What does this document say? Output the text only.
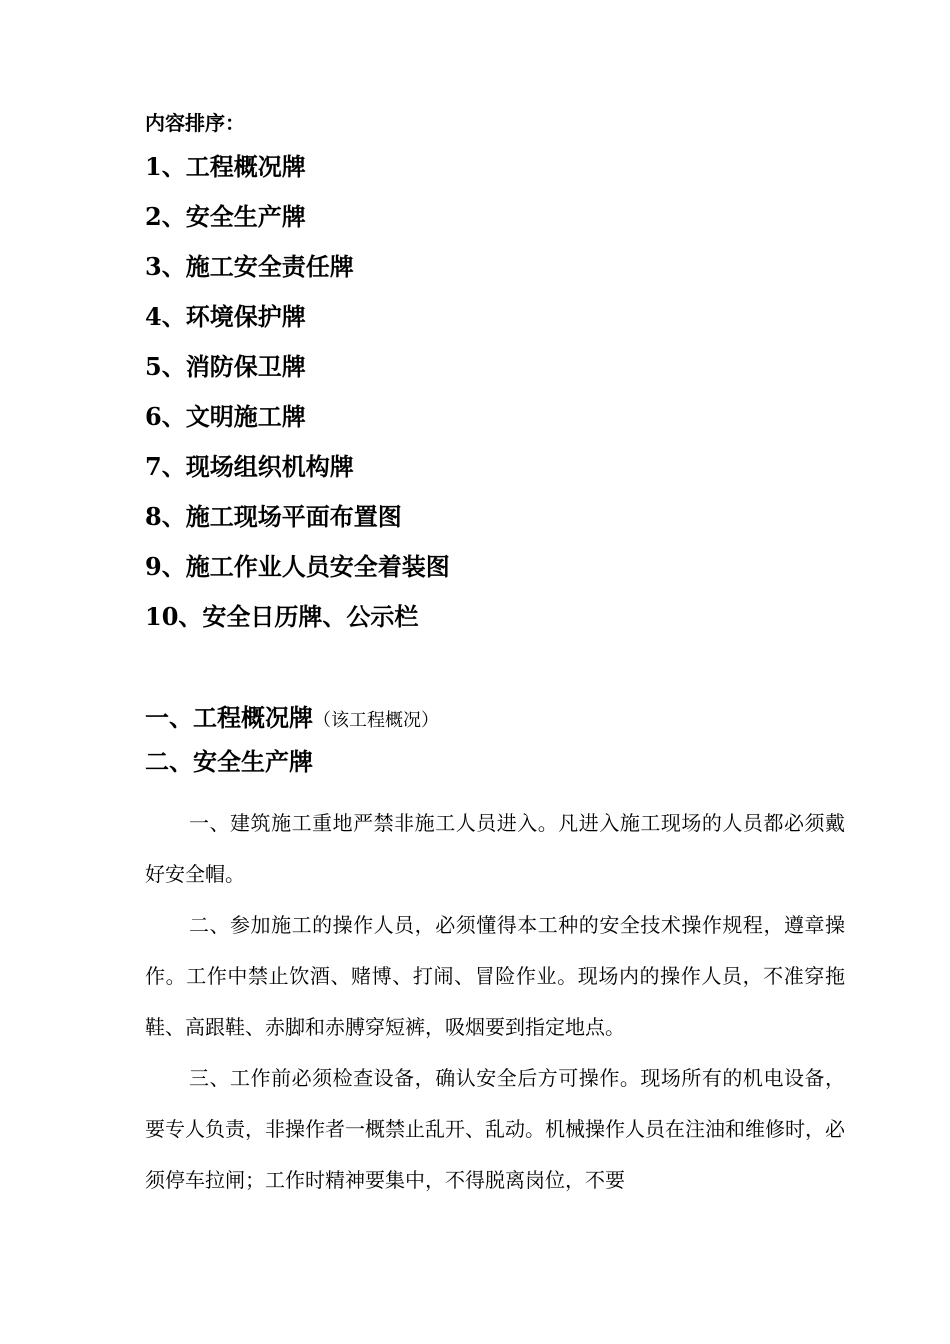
内容排序：
1、工程概况牌
2、安全生产牌
3、施工安全责任牌
4、环境保护牌
5、消防保卫牌
6、文明施工牌
7、现场组织机构牌
8、施工现场平面布置图
9、施工作业人员安全着装图
10、安全日历牌、公示栏
一、工程概况牌（该工程概况）
二、安全生产牌

一、建筑施工重地严禁非施工人员进入。凡进入施工现场的人员都必须戴好安全帽。

二、参加施工的操作人员，必须懂得本工种的安全技术操作规程，遵章操作。工作中禁止饮酒、赌博、打闹、冒险作业。现场内的操作人员，不准穿拖鞋、高跟鞋、赤脚和赤膊穿短裤，吸烟要到指定地点。

三、工作前必须检查设备，确认安全后方可操作。现场所有的机电设备，要专人负责，非操作者一概禁止乱开、乱动。机械操作人员在注油和维修时，必须停车拉闸；工作时精神要集中，不得脱离岗位，不要
